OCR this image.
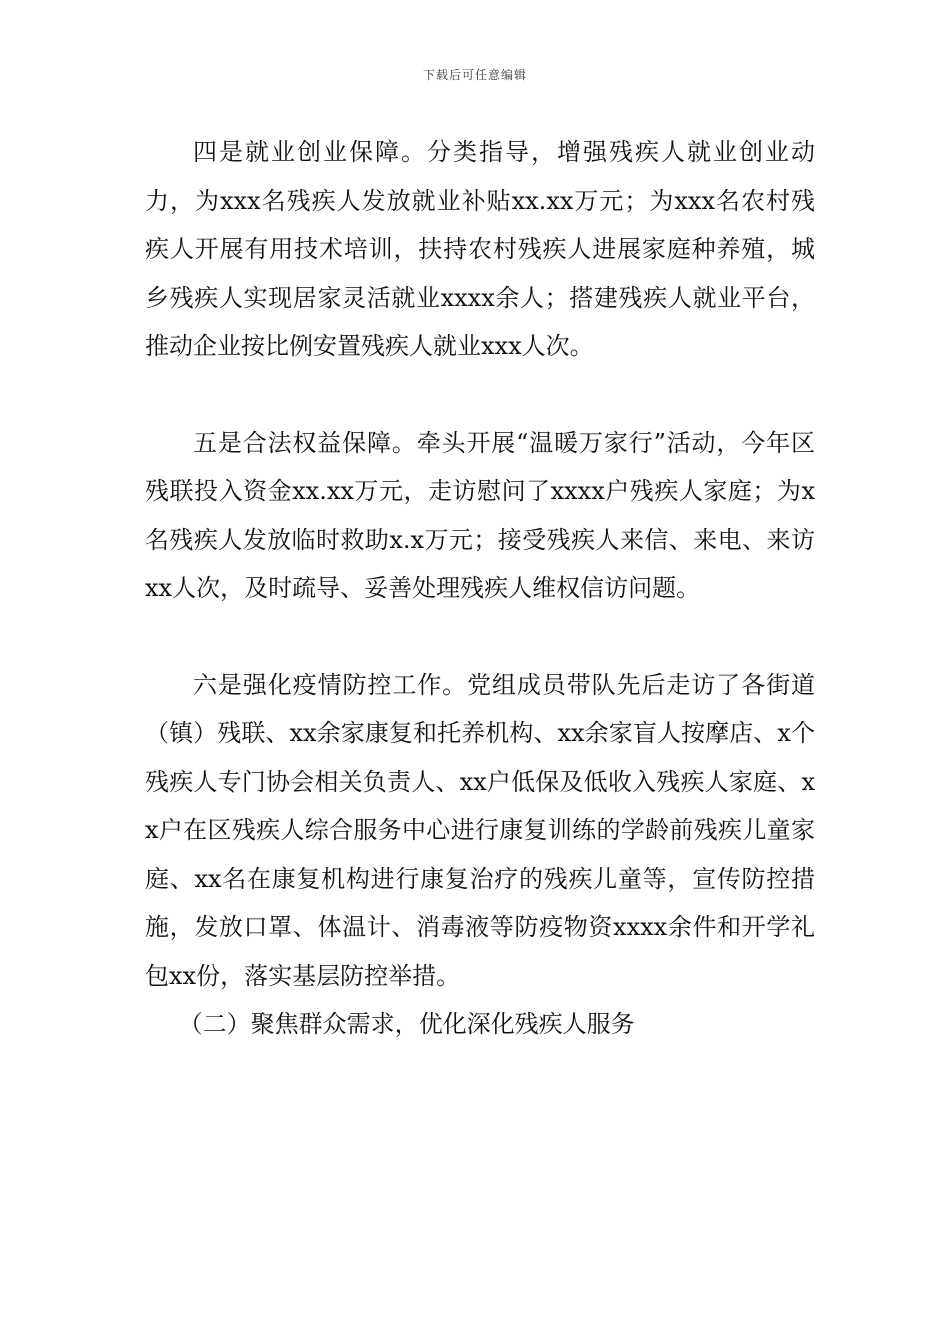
下载后可任意编辑

四是就业创业保障。分类指导，增强残疾人就业创业动力，为xxx名残疾人发放就业补贴xx.xx万元；为xxx名农村残疾人开展有用技术培训，扶持农村残疾人进展家庭种养殖，城乡残疾人实现居家灵活就业xxxx余人；搭建残疾人就业平台，推动企业按比例安置残疾人就业xxx人次。

五是合法权益保障。牵头开展“温暖万家行”活动，今年区残联投入资金xx.xx万元，走访慰问了xxxx户残疾人家庭；为x名残疾人发放临时救助x.x万元；接受残疾人来信、来电、来访xx人次，及时疏导、妥善处理残疾人维权信访问题。

六是强化疫情防控工作。党组成员带队先后走访了各街道（镇）残联、xx余家康复和托养机构、xx余家盲人按摩店、x个残疾人专门协会相关负责人、xx户低保及低收入残疾人家庭、xx户在区残疾人综合服务中心进行康复训练的学龄前残疾儿童家庭、xx名在康复机构进行康复治疗的残疾儿童等，宣传防控措施，发放口罩、体温计、消毒液等防疫物资xxxx余件和开学礼包xx份，落实基层防控举措。

（二）聚焦群众需求，优化深化残疾人服务
